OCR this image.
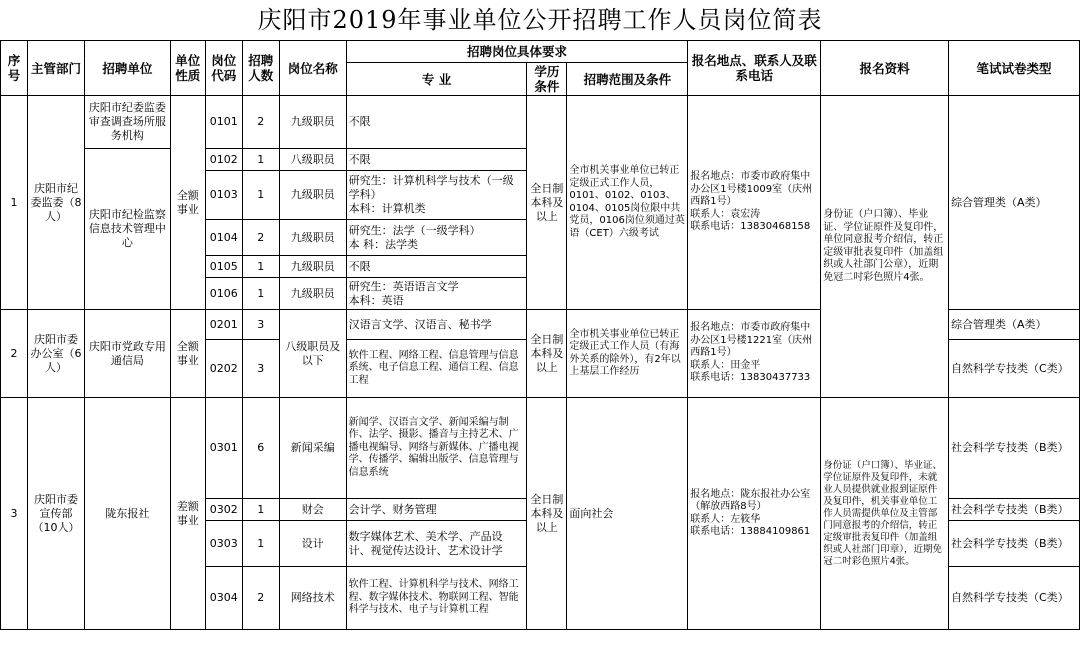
庆阳市2019年事业单位公开招聘工作人员岗位简表
序号	主管部门	招聘单位	单位性质	岗位代码	招聘人数	岗位名称	招聘岗位具体要求			报名地点、联系人及联系电话	报名资料	笔试试卷类型
							专 业	学历条件	招聘范围及条件			
1	庆阳市纪委监委（8人）	庆阳市纪委监委审查调查场所服务机构	全额事业	0101	2	九级职员	不限	全日制本科及以上	全市机关事业单位已转正定级正式工作人员，0101、0102、0103、0104、0105岗位限中共党员，0106岗位须通过英语（CET）六级考试	报名地点：市委市政府集中办公区1号楼1009室（庆州西路1号）
联系人：袁宏涛
联系电话：13830468158	身份证（户口簿）、毕业证、学位证原件及复印件，单位同意报考介绍信，转正定级审批表复印件（加盖组织或人社部门公章），近期免冠二吋彩色照片4张。	综合管理类（A类）
		庆阳市纪检监察信息技术管理中心		0102	1	八级职员	不限					
				0103	1	九级职员	研究生：计算机科学与技术（一级学科）
本科：计算机类					
				0104	2	九级职员	研究生：法学（一级学科）
本 科：法学类					
				0105	1	九级职员	不限					
				0106	1	九级职员	研究生：英语语言文学
本科：英语					
2	庆阳市委办公室（6人）	庆阳市党政专用通信局	全额事业	0201	3	八级职员及以下	汉语言文学、汉语言、秘书学	全日制本科及以上	全市机关事业单位已转正定级正式工作人员（有海外关系的除外），有2年以上基层工作经历	报名地点：市委市政府集中办公区1号楼1221室（庆州西路1号）
联系人：田金平
联系电话：13830437733		综合管理类（A类）
				0202	3		软件工程、网络工程、信息管理与信息系统、电子信息工程、通信工程、信息工程					自然科学专技类（C类）
3	庆阳市委宣传部（10人）	陇东报社	差额事业	0301	6	新闻采编	新闻学、汉语言文学、新闻采编与制作、法学、摄影、播音与主持艺术、广播电视编导、网络与新媒体、广播电视学、传播学、编辑出版学、信息管理与信息系统	全日制本科及以上	面向社会	报名地点：陇东报社办公室（解放西路8号）
联系人：左筱华
联系电话：13884109861	身份证（户口簿）、毕业证、学位证原件及复印件，未就业人员提供就业报到证原件及复印件，机关事业单位工作人员需提供单位及主管部门同意报考的介绍信，转正定级审批表复印件（加盖组织或人社部门印章），近期免冠二吋彩色照片4张。	社会科学专技类（B类）
				0302	1	财会	会计学、财务管理					社会科学专技类（B类）
				0303	1	设计	数字媒体艺术、美术学、产品设计、视觉传达设计、艺术设计学					社会科学专技类（B类）
				0304	2	网络技术	软件工程、计算机科学与技术、网络工程、数字媒体技术、物联网工程、智能科学与技术、电子与计算机工程					自然科学专技类（C类）
